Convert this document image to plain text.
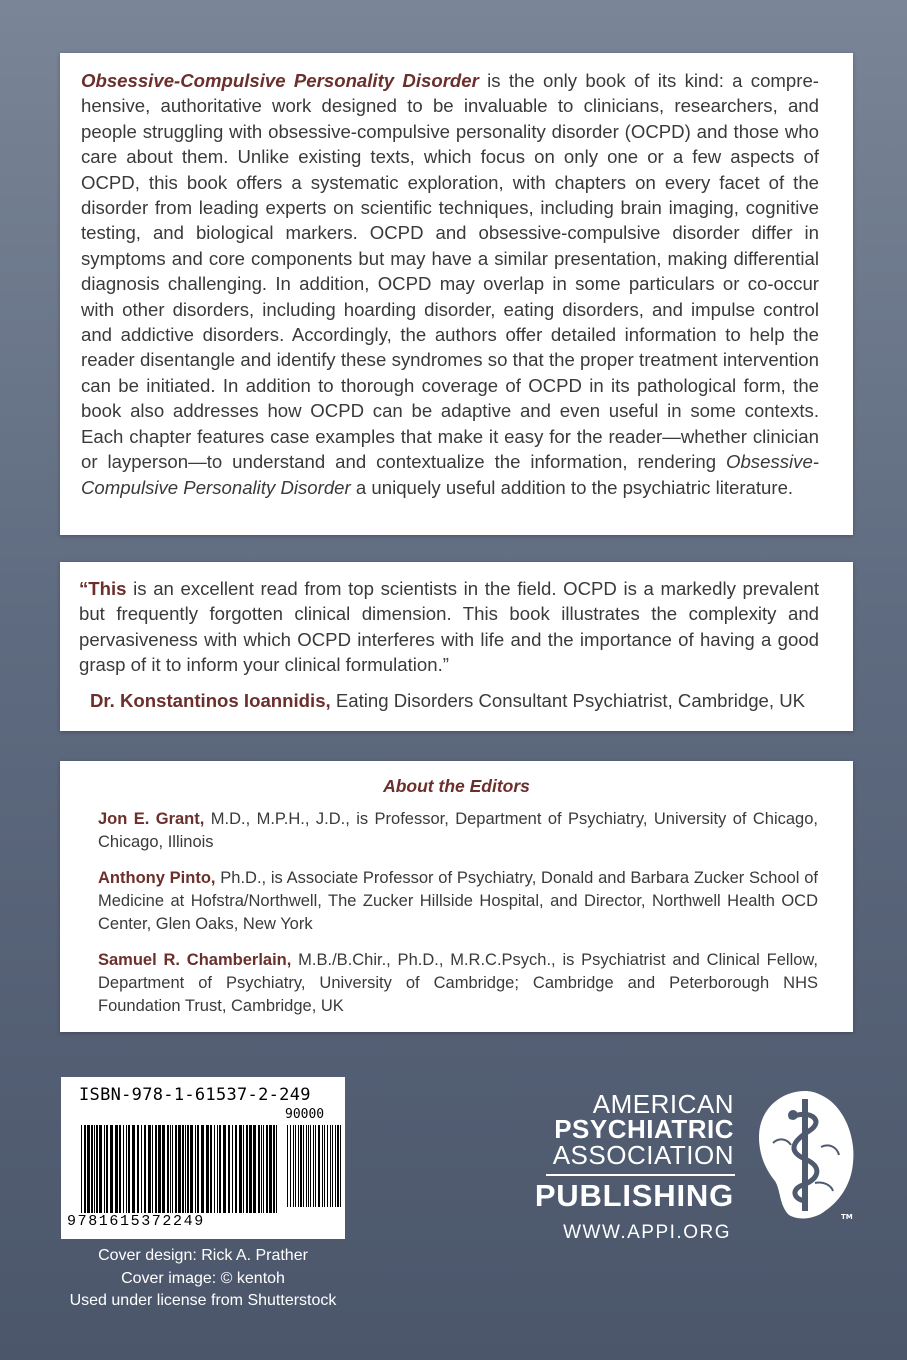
Obsessive-Compulsive Personality Disorder is the only book of its kind: a comprehensive, authoritative work designed to be invaluable to clinicians, researchers, and people struggling with obsessive-compulsive personality disorder (OCPD) and those who care about them. Unlike existing texts, which focus on only one or a few aspects of OCPD, this book offers a systematic exploration, with chapters on every facet of the disorder from leading experts on scientific techniques, including brain imaging, cognitive testing, and biological markers. OCPD and obsessive-compulsive disorder differ in symptoms and core components but may have a similar presentation, making differential diagnosis challenging. In addition, OCPD may overlap in some particulars or co-occur with other disorders, including hoarding disorder, eating disorders, and impulse control and addictive disorders. Accordingly, the authors offer detailed information to help the reader disentangle and identify these syndromes so that the proper treatment intervention can be initiated. In addition to thorough coverage of OCPD in its pathological form, the book also addresses how OCPD can be adaptive and even useful in some contexts. Each chapter features case examples that make it easy for the reader—whether clinician or layperson—to understand and contextualize the information, rendering Obsessive-Compulsive Personality Disorder a uniquely useful addition to the psychiatric literature.

“This is an excellent read from top scientists in the field. OCPD is a markedly prevalent but frequently forgotten clinical dimension. This book illustrates the complexity and pervasiveness with which OCPD interferes with life and the importance of having a good grasp of it to inform your clinical formulation.”

Dr. Konstantinos Ioannidis, Eating Disorders Consultant Psychiatrist, Cambridge, UK

About the Editors

Jon E. Grant, M.D., M.P.H., J.D., is Professor, Department of Psychiatry, University of Chicago, Chicago, Illinois

Anthony Pinto, Ph.D., is Associate Professor of Psychiatry, Donald and Barbara Zucker School of Medicine at Hofstra/Northwell, The Zucker Hillside Hospital, and Director, Northwell Health OCD Center, Glen Oaks, New York

Samuel R. Chamberlain, M.B./B.Chir., Ph.D., M.R.C.Psych., is Psychiatrist and Clinical Fellow, Department of Psychiatry, University of Cambridge; Cambridge and Peterborough NHS Foundation Trust, Cambridge, UK

ISBN-978-1-61537-2-249

90000

9781615372249

Cover design: Rick A. Prather

Cover image: © kentoh

Used under license from Shutterstock

AMERICAN

PSYCHIATRIC

ASSOCIATION

PUBLISHING

WWW.APPI.ORG

TM
